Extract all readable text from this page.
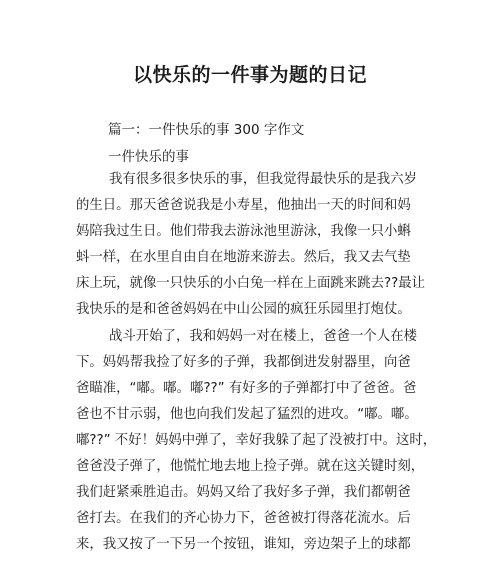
以快乐的一件事为题的日记
篇一：一件快乐的事 300 字作文
一件快乐的事
我有很多很多快乐的事，但我觉得最快乐的是我六岁
的生日。那天爸爸说我是小寿星，他抽出一天的时间和妈
妈陪我过生日。他们带我去游泳池里游泳，我像一只小蝌
蚪一样，在水里自由自在地游来游去。然后，我又去气垫
床上玩，就像一只快乐的小白兔一样在上面跳来跳去??最让
我快乐的是和爸爸妈妈在中山公园的疯狂乐园里打炮仗。
战斗开始了，我和妈妈一对在楼上，爸爸一个人在楼
下。妈妈帮我捡了好多的子弹，我都倒进发射器里，向爸
爸瞄准，“嘟。嘟。嘟??” 有好多的子弹都打中了爸爸。爸
爸也不甘示弱，他也向我们发起了猛烈的进攻。“嘟。嘟。
嘟??” 不好！妈妈中弹了，幸好我躲了起了没被打中。这时，
爸爸没子弹了，他慌忙地去地上捡子弹。就在这关键时刻，
我们赶紧乘胜追击。妈妈又给了我好多子弹，我们都朝爸
爸打去。在我们的齐心协力下，爸爸被打得落花流水。后
来，我又按了一下另一个按钮，谁知，旁边架子上的球都
